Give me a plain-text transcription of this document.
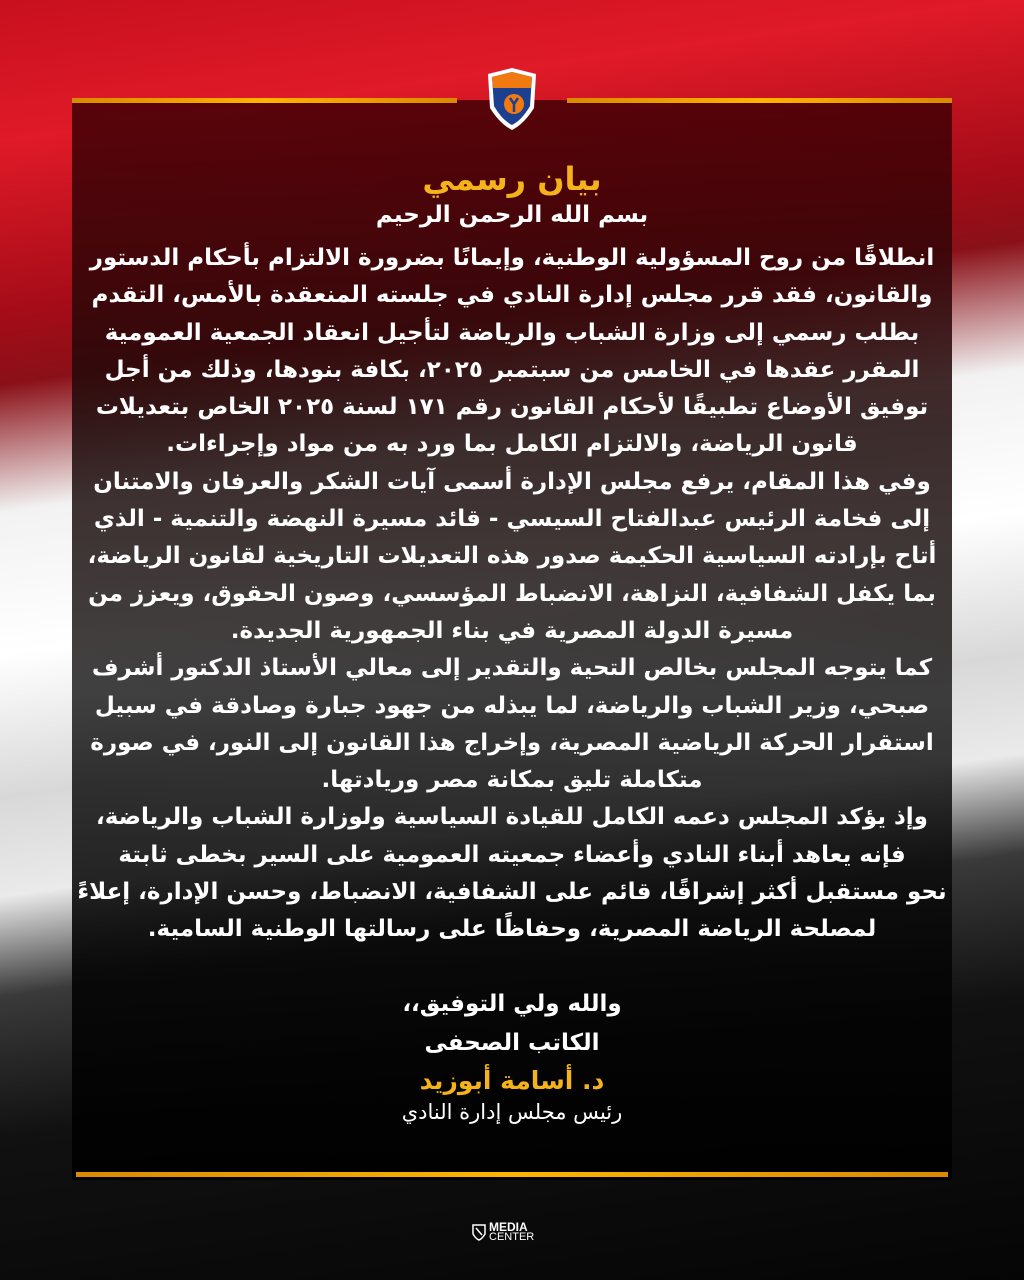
بيان رسمي
بسم الله الرحمن الرحيم
انطلاقًا من روح المسؤولية الوطنية، وإيمانًا بضرورة الالتزام بأحكام الدستور
والقانون، فقد قرر مجلس إدارة النادي في جلسته المنعقدة بالأمس، التقدم
بطلب رسمي إلى وزارة الشباب والرياضة لتأجيل انعقاد الجمعية العمومية
المقرر عقدها في الخامس من سبتمبر ٢٠٢٥، بكافة بنودها، وذلك من أجل
توفيق الأوضاع تطبيقًا لأحكام القانون رقم ١٧١ لسنة ٢٠٢٥ الخاص بتعديلات
قانون الرياضة، والالتزام الكامل بما ورد به من مواد وإجراءات.
وفي هذا المقام، يرفع مجلس الإدارة أسمى آيات الشكر والعرفان والامتنان
إلى فخامة الرئيس عبدالفتاح السيسي - قائد مسيرة النهضة والتنمية - الذي
أتاح بإرادته السياسية الحكيمة صدور هذه التعديلات التاريخية لقانون الرياضة،
بما يكفل الشفافية، النزاهة، الانضباط المؤسسي، وصون الحقوق، ويعزز من
مسيرة الدولة المصرية في بناء الجمهورية الجديدة.
كما يتوجه المجلس بخالص التحية والتقدير إلى معالي الأستاذ الدكتور أشرف
صبحي، وزير الشباب والرياضة، لما يبذله من جهود جبارة وصادقة في سبيل
استقرار الحركة الرياضية المصرية، وإخراج هذا القانون إلى النور، في صورة
متكاملة تليق بمكانة مصر وريادتها.
وإذ يؤكد المجلس دعمه الكامل للقيادة السياسية ولوزارة الشباب والرياضة،
فإنه يعاهد أبناء النادي وأعضاء جمعيته العمومية على السير بخطى ثابتة
نحو مستقبل أكثر إشراقًا، قائم على الشفافية، الانضباط، وحسن الإدارة، إعلاءً
لمصلحة الرياضة المصرية، وحفاظًا على رسالتها الوطنية السامية.
والله ولي التوفيق،،
الكاتب الصحفى
د. أسامة أبوزيد
رئيس مجلس إدارة النادي
MEDIA
CENTER
